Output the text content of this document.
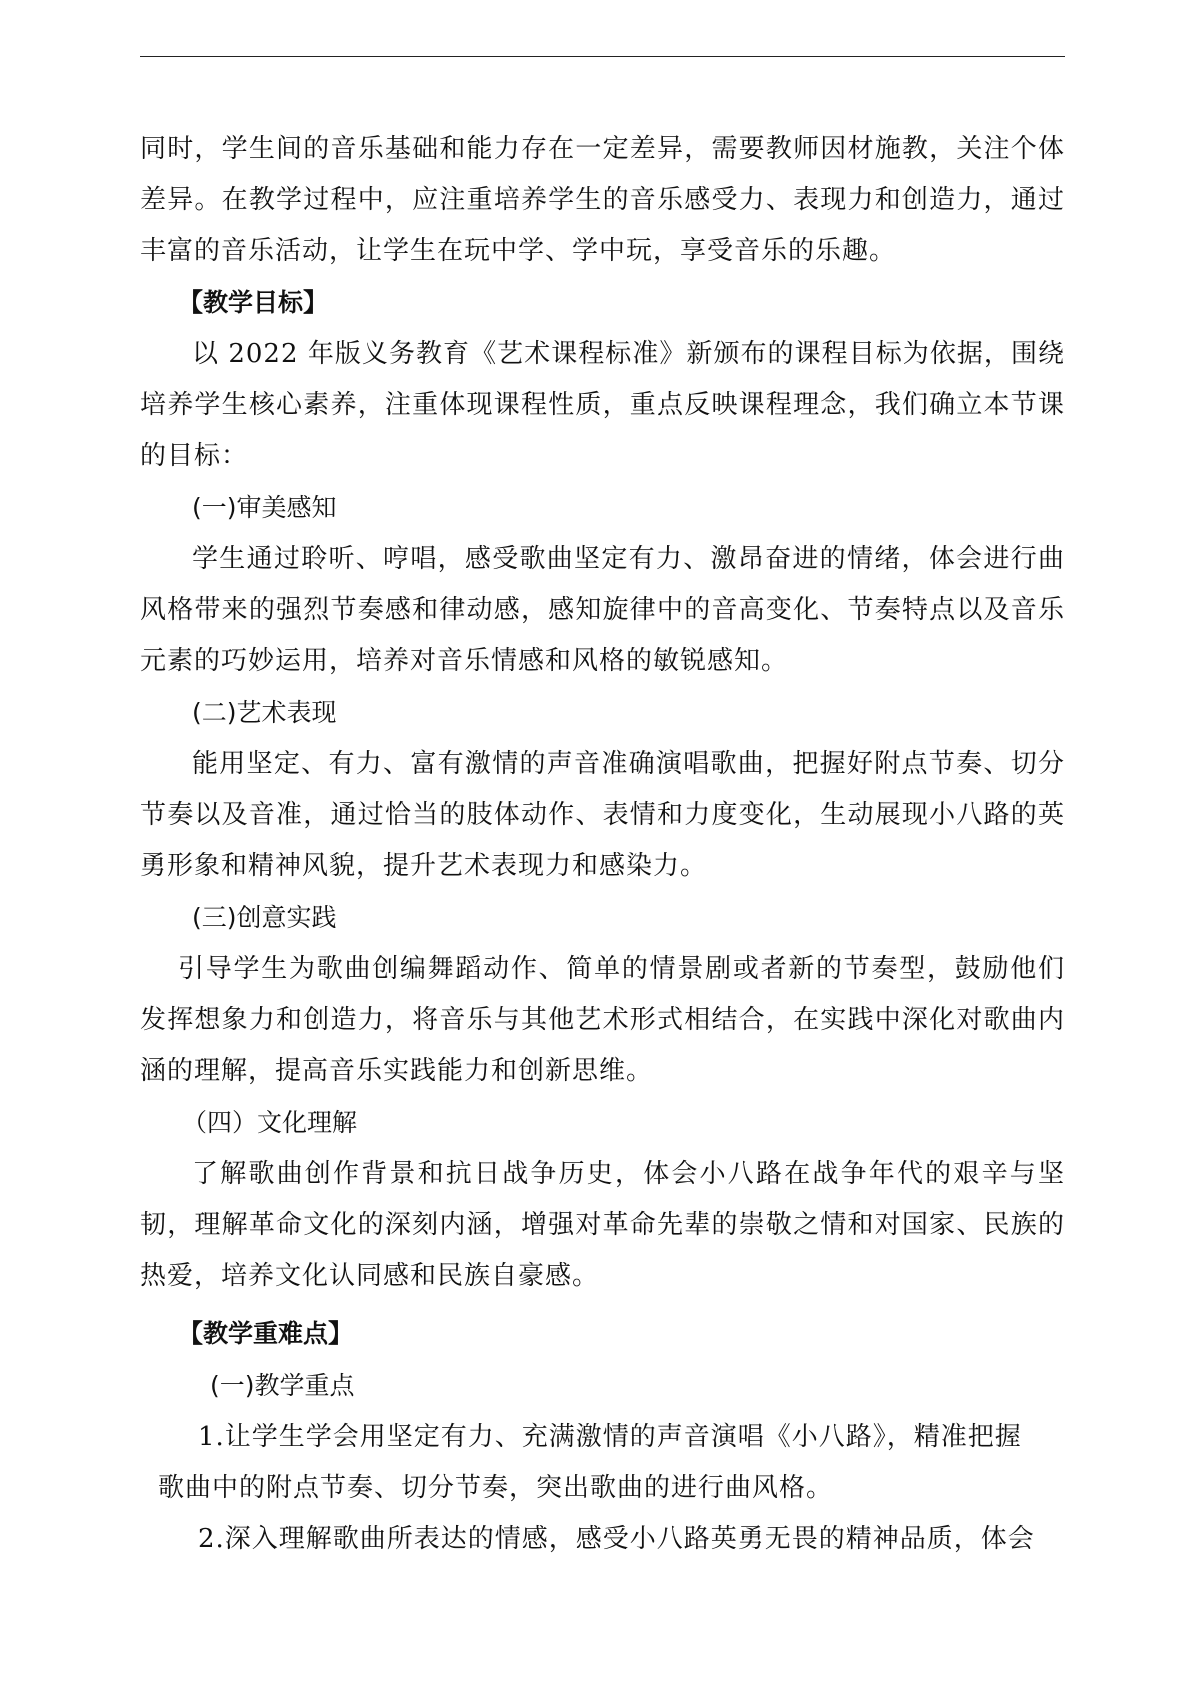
同时，学生间的音乐基础和能力存在一定差异，需要教师因材施教，关注个体差异。在教学过程中，应注重培养学生的音乐感受力、表现力和创造力，通过丰富的音乐活动，让学生在玩中学、学中玩，享受音乐的乐趣。

【教学目标】

以 2022 年版义务教育《艺术课程标准》新颁布的课程目标为依据，围绕培养学生核心素养，注重体现课程性质，重点反映课程理念，我们确立本节课的目标：

(一)审美感知

学生通过聆听、哼唱，感受歌曲坚定有力、激昂奋进的情绪，体会进行曲风格带来的强烈节奏感和律动感，感知旋律中的音高变化、节奏特点以及音乐元素的巧妙运用，培养对音乐情感和风格的敏锐感知。

(二)艺术表现

能用坚定、有力、富有激情的声音准确演唱歌曲，把握好附点节奏、切分节奏以及音准，通过恰当的肢体动作、表情和力度变化，生动展现小八路的英勇形象和精神风貌，提升艺术表现力和感染力。

(三)创意实践

引导学生为歌曲创编舞蹈动作、简单的情景剧或者新的节奏型，鼓励他们发挥想象力和创造力，将音乐与其他艺术形式相结合，在实践中深化对歌曲内涵的理解，提高音乐实践能力和创新思维。

（四）文化理解

了解歌曲创作背景和抗日战争历史，体会小八路在战争年代的艰辛与坚韧，理解革命文化的深刻内涵，增强对革命先辈的崇敬之情和对国家、民族的热爱，培养文化认同感和民族自豪感。

【教学重难点】

(一)教学重点

1.让学生学会用坚定有力、充满激情的声音演唱《小八路》，精准把握
歌曲中的附点节奏、切分节奏，突出歌曲的进行曲风格。

2.深入理解歌曲所表达的情感，感受小八路英勇无畏的精神品质，体会
